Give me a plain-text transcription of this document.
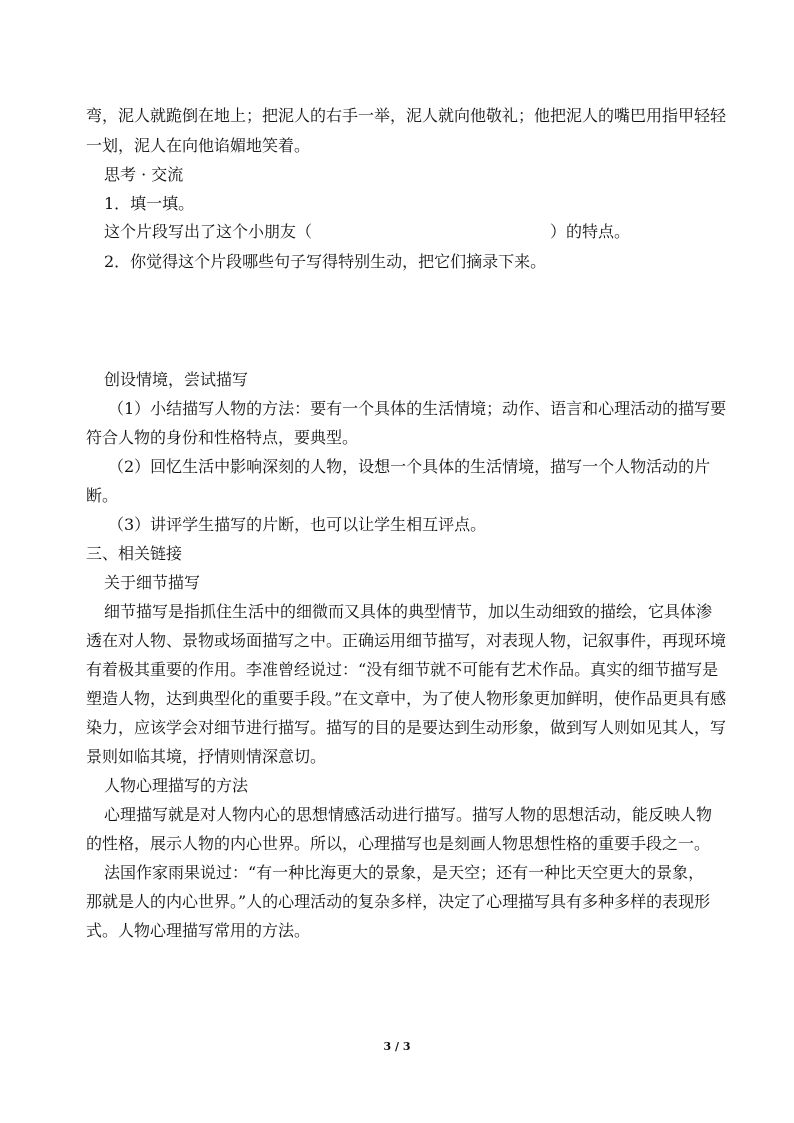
弯，泥人就跪倒在地上；把泥人的右手一举，泥人就向他敬礼；他把泥人的嘴巴用指甲轻轻
一划，泥人在向他谄媚地笑着。
思考 · 交流
1．填一填。
这个片段写出了这个小朋友（	）的特点。
2．你觉得这个片段哪些句子写得特别生动，把它们摘录下来。
创设情境，尝试描写
（1）小结描写人物的方法：要有一个具体的生活情境；动作、语言和心理活动的描写要
符合人物的身份和性格特点，要典型。
（2）回忆生活中影响深刻的人物，设想一个具体的生活情境，描写一个人物活动的片
断。
（3）讲评学生描写的片断，也可以让学生相互评点。
三、相关链接
关于细节描写
细节描写是指抓住生活中的细微而又具体的典型情节，加以生动细致的描绘，它具体渗
透在对人物、景物或场面描写之中。正确运用细节描写，对表现人物，记叙事件，再现环境
有着极其重要的作用。李准曾经说过：“没有细节就不可能有艺术作品。真实的细节描写是
塑造人物，达到典型化的重要手段。”在文章中，为了使人物形象更加鲜明，使作品更具有感
染力，应该学会对细节进行描写。描写的目的是要达到生动形象，做到写人则如见其人，写
景则如临其境，抒情则情深意切。
人物心理描写的方法
心理描写就是对人物内心的思想情感活动进行描写。描写人物的思想活动，能反映人物
的性格，展示人物的内心世界。所以，心理描写也是刻画人物思想性格的重要手段之一。
法国作家雨果说过：“有一种比海更大的景象，是天空；还有一种比天空更大的景象，
那就是人的内心世界。”人的心理活动的复杂多样，决定了心理描写具有多种多样的表现形
式。人物心理描写常用的方法。
3 / 3
